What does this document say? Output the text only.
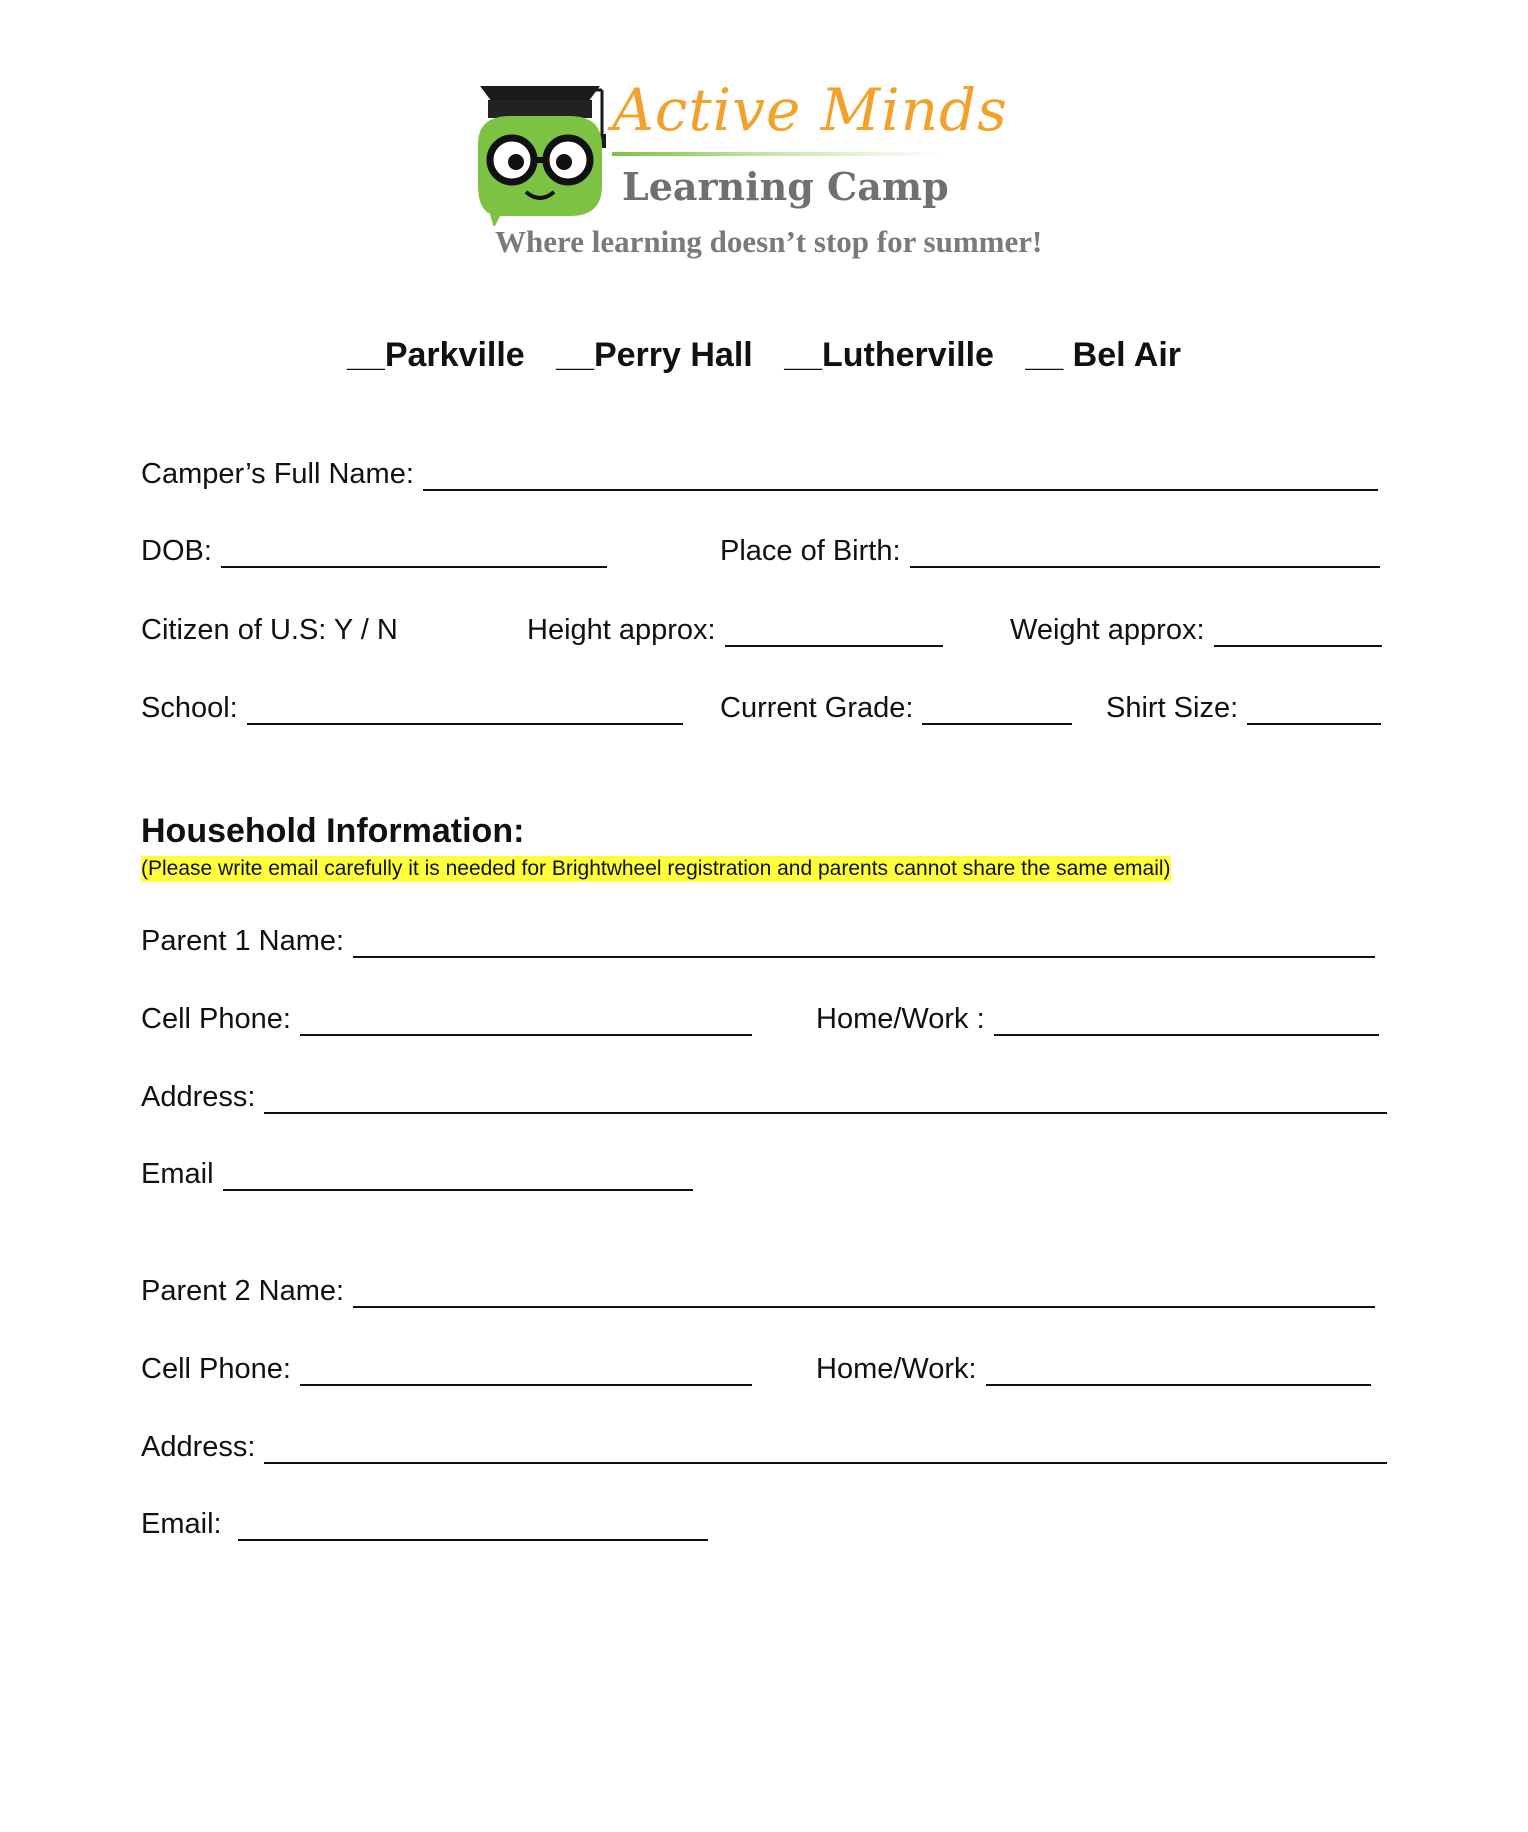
Active Minds
Learning Camp
Where learning doesn’t stop for summer!
__Parkville __Perry Hall __Lutherville __ Bel Air
Camper’s Full Name:
DOB:	Place of Birth:
Citizen of U.S: Y / N	Height approx:	Weight approx:
School:	Current Grade:	Shirt Size:
Household Information:
(Please write email carefully it is needed for Brightwheel registration and parents cannot share the same email)
Parent 1 Name:
Cell Phone:	Home/Work :
Address:
Email
Parent 2 Name:
Cell Phone:	Home/Work:
Address:
Email:
